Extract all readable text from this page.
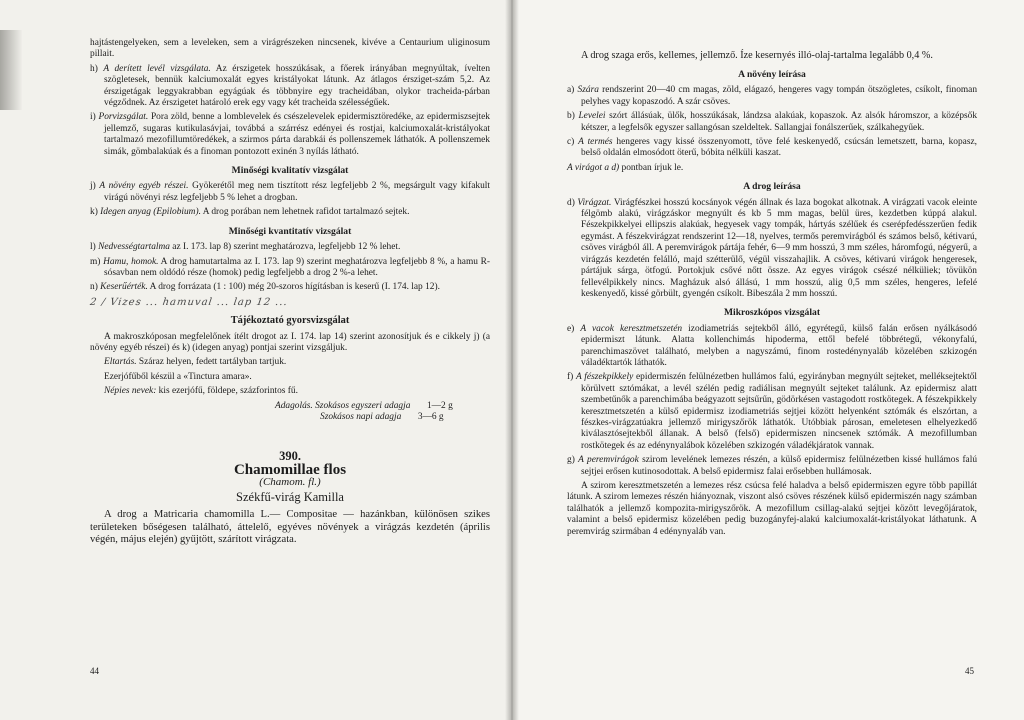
hajtástengelyeken, sem a leveleken, sem a virágrészeken nincsenek, kivéve a Centaurium uliginosum pillait.

h) A derített levél vizsgálata. Az érszigetek hosszúkásak, a főerek irányában megnyúltak, ívelten szögletesek, bennük kalciumoxalát egyes kristályokat látunk. Az átlagos érsziget-szám 5,2. Az érszigetágak leggyakrabban egyágúak és többnyire egy tracheidában, olykor tracheida-párban végződnek. Az érszigetet határoló erek egy vagy két tracheida szélességűek.

i) Porvizsgálat. Pora zöld, benne a lomblevelek és csészelevelek epidermisztöredéke, az epidermiszsejtek jellemző, sugaras kutikulasávjai, továbbá a szárrész edényei és rostjai, kalciumoxalát-kristályokat tartalmazó mezofillumtöredékek, a szirmos párta darabkái és pollenszemek láthatók. A pollenszemek simák, gömbalakúak és a finoman pontozott exinén 3 nyílás látható.

Minőségi kvalitatív vizsgálat

j) A növény egyéb részei. Gyökerétől meg nem tisztított rész legfeljebb 2 %, megsárgult vagy kifakult virágú növényi rész legfeljebb 5 % lehet a drogban.

k) Idegen anyag (Epilobium). A drog porában nem lehetnek rafidot tartalmazó sejtek.

Minőségi kvantitatív vizsgálat

l) Nedvességtartalma az I. 173. lap 8) szerint meghatározva, legfeljebb 12 % lehet.

m) Hamu, homok. A drog hamutartalma az I. 173. lap 9) szerint meghatározva legfeljebb 8 %, a hamu R-sósavban nem oldódó része (homok) pedig legfeljebb a drog 2 %-a lehet.

n) Keserűérték. A drog forrázata (1 : 100) még 20-szoros hígításban is keserű (I. 174. lap 12).

2 / Vizes ... hamuval ... lap 12 ...

Tájékoztató gyorsvizsgálat

A makroszkóposan megfelelőnek ítélt drogot az I. 174. lap 14) szerint azonosítjuk és e cikkely j) (a növény egyéb részei) és k) (idegen anyag) pontjai szerint vizsgáljuk.

Eltartás. Száraz helyen, fedett tartályban tartjuk.

Ezerjófűből készül a «Tinctura amara».

Népies nevek: kis ezerjófű, földepe, százforintos fű.

Adagolás. Szokásos egyszeri adagja 1—2 g

Szokásos napi adagja 3—6 g

390.

Chamomillae flos

(Chamom. fl.)

Székfű-virág Kamilla

A drog a Matricaria chamomilla L.— Compositae — hazánkban, különösen szikes területeken bőségesen található, áttelelő, egyéves növények a virágzás kezdetén (április végén, május elején) gyűjtött, szárított virágzata.

44

A drog szaga erős, kellemes, jellemző. Íze kesernyés illó-olaj-tartalma legalább 0,4 %.

A növény leírása

a) Szára rendszerint 20—40 cm magas, zöld, elágazó, hengeres vagy tompán ötszögletes, csíkolt, finoman pelyhes vagy kopaszodó. A szár csöves.

b) Levelei szórt állásúak, ülők, hosszúkásak, lándzsa alakúak, kopaszok. Az alsók háromszor, a középsők kétszer, a legfelsők egyszer sallangósan szeldeltek. Sallangjai fonálszerűek, szálkahegyűek.

c) A termés hengeres vagy kissé összenyomott, töve felé keskenyedő, csúcsán lemetszett, barna, kopasz, belső oldalán elmosódott öterű, bóbita nélküli kaszat.

A virágot a d) pontban írjuk le.

A drog leírása

d) Virágzat. Virágfészkei hosszú kocsányok végén állnak és laza bogokat alkotnak. A virágzati vacok eleinte félgömb alakú, virágzáskor megnyúlt és kb 5 mm magas, belül üres, kezdetben kúppá alakul. Fészekpikkelyei ellipszis alakúak, hegyesek vagy tompák, hártyás szélűek és cserépfedésszerűen fedik egymást. A fészekvirágzat rendszerint 12—18, nyelves, termős peremvirágból és számos belső, kétivarú, csöves virágból áll. A peremvirágok pártája fehér, 6—9 mm hosszú, 3 mm széles, háromfogú, négyerű, a virágzás kezdetén felálló, majd szétterülő, végül visszahajlik. A csöves, kétivarú virágok hengeresek, pártájuk sárga, ötfogú. Portokjuk csővé nőtt össze. Az egyes virágok csészé nélküliek; tövükön fellevélpikkely nincs. Magházuk alsó állású, 1 mm hosszú, alig 0,5 mm széles, hengeres, lefelé keskenyedő, kissé görbült, gyengén csíkolt. Bibeszála 2 mm hosszú.

Mikroszkópos vizsgálat

e) A vacok keresztmetszetén izodiametriás sejtekből álló, egyrétegű, külső falán erősen nyálkásodó epidermiszt látunk. Alatta kollenchimás hipoderma, ettől befelé többrétegű, vékonyfalú, parenchimaszövet található, melyben a nagyszámú, finom rostedénynyaláb közelében szkizogén váladéktartók láthatók.

f) A fészekpikkely epidermiszén felülnézetben hullámos falú, egyirányban megnyúlt sejteket, melléksejtektől körülvett sztómákat, a levél szélén pedig radiálisan megnyúlt sejteket találunk. Az epidermisz alatt szembetűnők a parenchimába beágyazott sejtsűrűn, gödörkésen vastagodott rostkötegek. A fészekpikkely keresztmetszetén a külső epidermisz izodiametriás sejtjei között helyenként sztómák és elszórtan, a fészkes-virágzatúakra jellemző mirigyszőrök láthatók. Utóbbiak párosan, emeletesen elhelyezkedő kiválasztósejtekből állanak. A belső (felső) epidermiszen nincsenek sztómák. A mezofillumban rostkötegek és az edénynyalábok közelében szkizogén váladékjáratok vannak.

g) A peremvirágok szirom levelének lemezes részén, a külső epidermisz felülnézetben kissé hullámos falú sejtjei erősen kutinosodottak. A belső epidermisz falai erősebben hullámosak.

A szirom keresztmetszetén a lemezes rész csúcsa felé haladva a belső epidermiszen egyre több papillát látunk. A szirom lemezes részén hiányoznak, viszont alsó csöves részének külső epidermiszén nagy számban találhatók a jellemző kompozita-mirigyszőrök. A mezofillum csillag-alakú sejtjei között levegőjáratok, valamint a belső epidermisz közelében pedig buzogányfej-alakú kalciumoxalát-kristályokat láthatunk. A peremvirág szirmában 4 edénynyaláb van.

45
